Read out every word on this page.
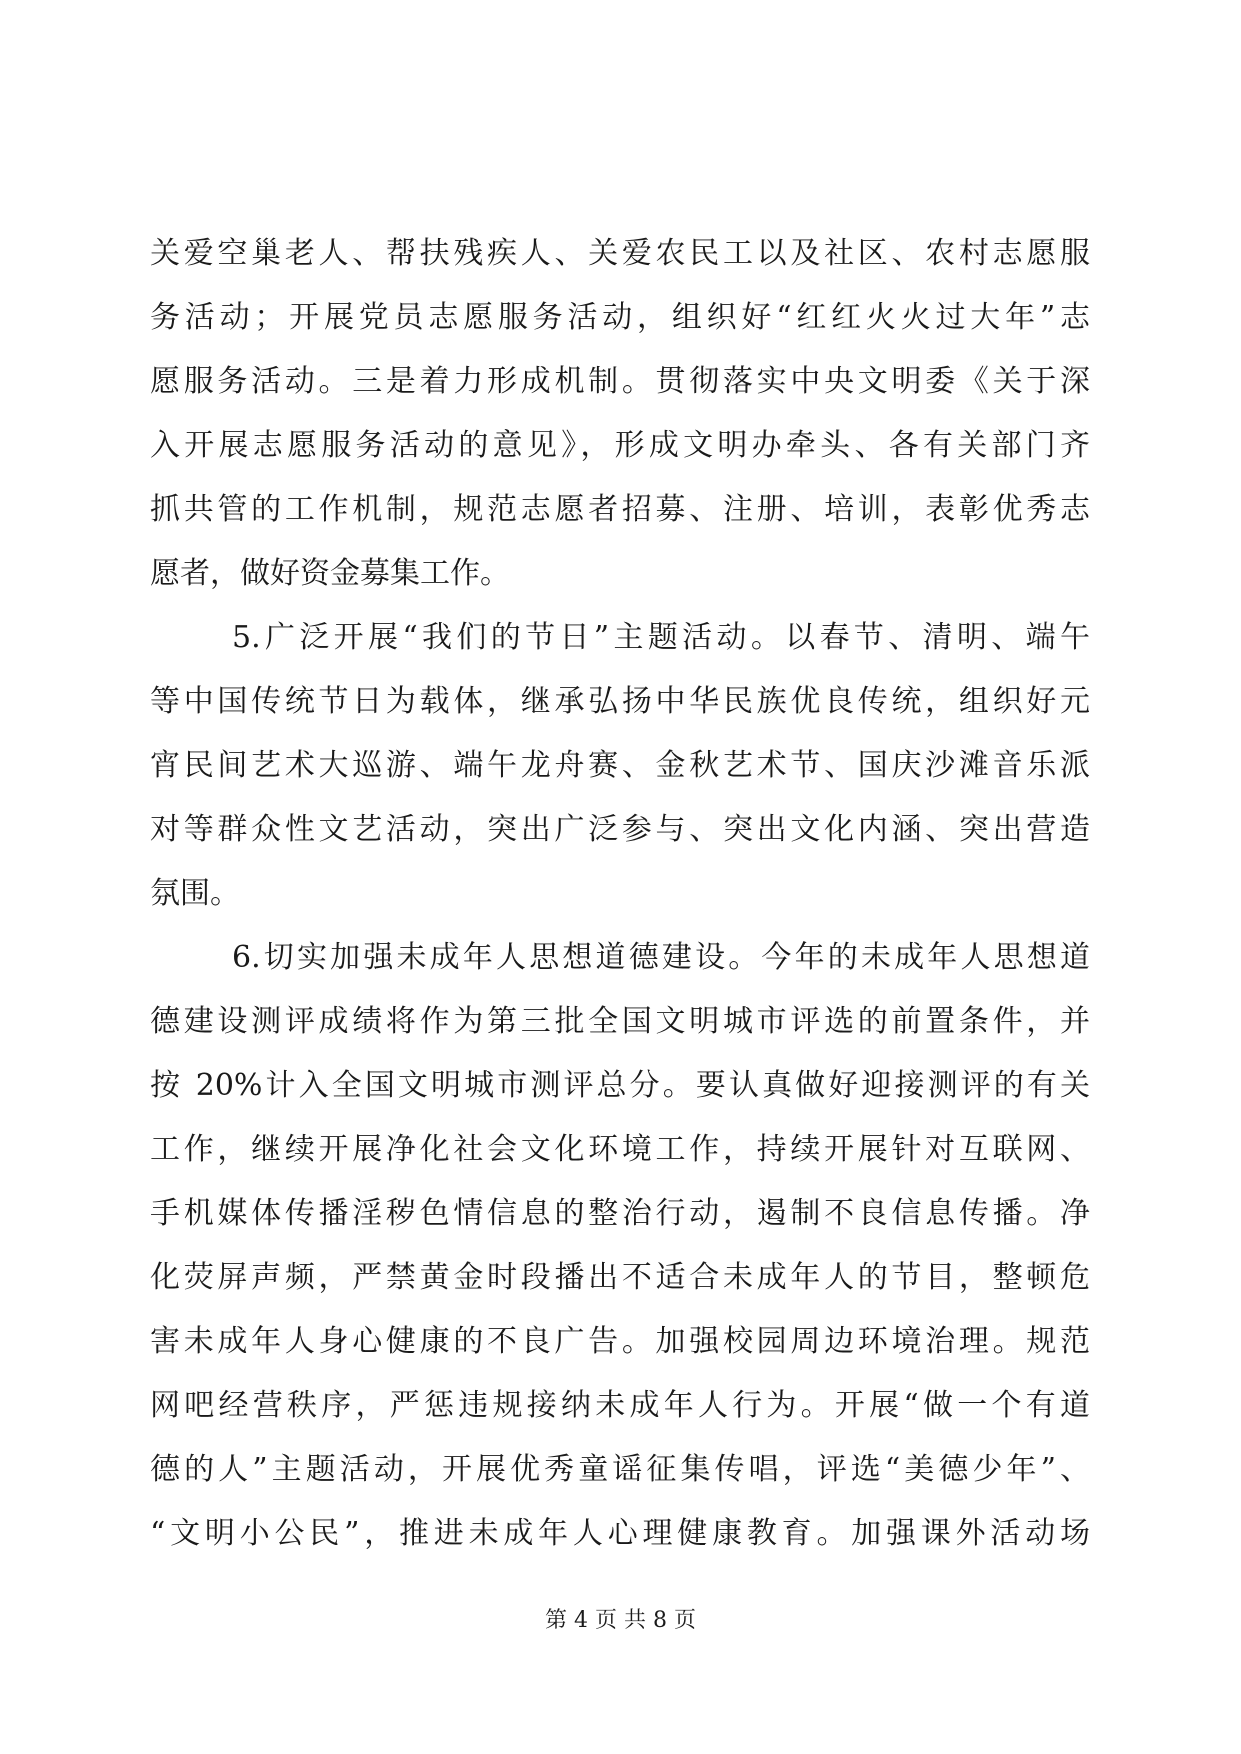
关爱空巢老人、帮扶残疾人、关爱农民工以及社区、农村志愿服
务活动；开展党员志愿服务活动，组织好“红红火火过大年”志
愿服务活动。三是着力形成机制。贯彻落实中央文明委《关于深
入开展志愿服务活动的意见》，形成文明办牵头、各有关部门齐
抓共管的工作机制，规范志愿者招募、注册、培训，表彰优秀志
愿者，做好资金募集工作。
5.广泛开展“我们的节日”主题活动。以春节、清明、端午
等中国传统节日为载体，继承弘扬中华民族优良传统，组织好元
宵民间艺术大巡游、端午龙舟赛、金秋艺术节、国庆沙滩音乐派
对等群众性文艺活动，突出广泛参与、突出文化内涵、突出营造
氛围。
6.切实加强未成年人思想道德建设。今年的未成年人思想道
德建设测评成绩将作为第三批全国文明城市评选的前置条件，并
按 20%计入全国文明城市测评总分。要认真做好迎接测评的有关
工作，继续开展净化社会文化环境工作，持续开展针对互联网、
手机媒体传播淫秽色情信息的整治行动，遏制不良信息传播。净
化荧屏声频，严禁黄金时段播出不适合未成年人的节目，整顿危
害未成年人身心健康的不良广告。加强校园周边环境治理。规范
网吧经营秩序，严惩违规接纳未成年人行为。开展“做一个有道
德的人”主题活动，开展优秀童谣征集传唱，评选“美德少年”、
“文明小公民”，推进未成年人心理健康教育。加强课外活动场
第 4 页 共 8 页
